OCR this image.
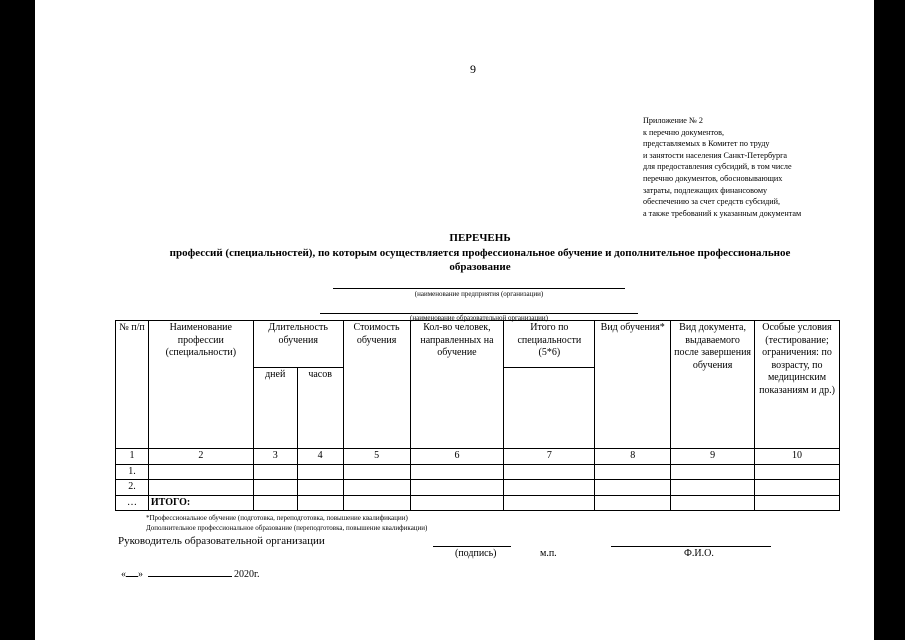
9
Приложение № 2
к перечню документов,
представляемых в Комитет по труду
и занятости населения Санкт-Петербурга
для предоставления субсидий, в том числе
перечню документов, обосновывающих
затраты, подлежащих финансовому
обеспечению за счет средств субсидий,
а также требований к указанным документам
ПЕРЕЧЕНЬ
профессий (специальностей), по которым осуществляется профессиональное обучение и дополнительное профессиональное образование
(наименование предприятия (организации)
(наименование образовательной организации)
№ п/п	Наименование профессии (специальности)	Длительность обучения		Стоимость обучения	Кол-во человек, направленных на обучение	Итого по специальности (5*6)	Вид обучения*	Вид документа, выдаваемого после завершения обучения	Особые условия (тестирование; ограничения: по возрасту, по медицинским показаниям и др.)
		дней	часов						
1	2	3	4	5	6	7	8	9	10
1.									
2.									
…	ИТОГО:								
*Профессиональное обучение (подготовка, переподготовка, повышение квалификации)
Дополнительное профессиональное образование (переподготовка, повышение квалификации)
Руководитель образовательной организации
(подпись)	м.п.	Ф.И.О.
« »	2020г.
